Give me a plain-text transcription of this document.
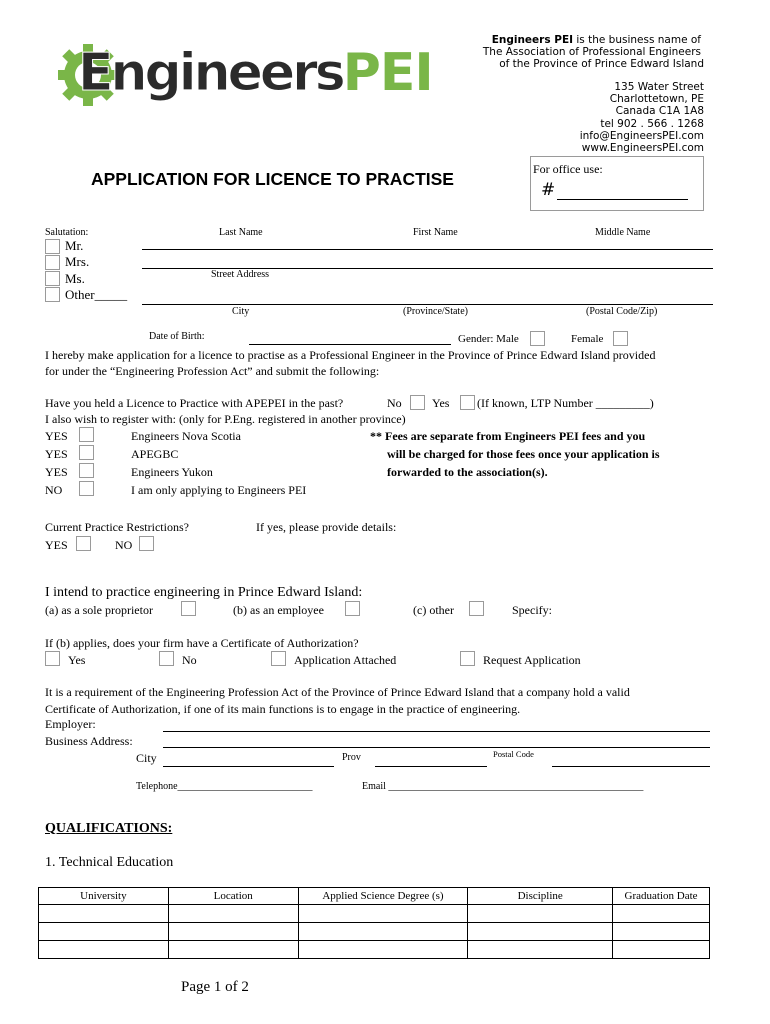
EngineersPEI
Engineers PEI is the business name of
The Association of Professional Engineers
of the Province of Prince Edward Island
135 Water Street
Charlottetown, PE
Canada C1A 1A8
tel 902 . 566 . 1268
info@EngineersPEI.com
www.EngineersPEI.com
For office use:
#
APPLICATION FOR LICENCE TO PRACTISE
Salutation:	Last Name	First Name	Middle Name
Mr.
Mrs.
Ms.
Other_____
Street Address
City	(Province/State)	(Postal Code/Zip)
Date of Birth:	Gender: Male	Female
I hereby make application for a licence to practise as a Professional Engineer in the Province of Prince Edward Island provided
for under the “Engineering Profession Act” and submit the following:
Have you held a Licence to Practice with APEPEI in the past?	No	Yes (If known, LTP Number _________)
I also wish to register with: (only for P.Eng. registered in another province)
YES	Engineers Nova Scotia
YES	APEGBC
YES	Engineers Yukon
NO	I am only applying to Engineers PEI
** Fees are separate from Engineers PEI fees and you
will be charged for those fees once your application is
forwarded to the association(s).
Current Practice Restrictions?	If yes, please provide details:
YES	NO
I intend to practice engineering in Prince Edward Island:
(a) as a sole proprietor	(b) as an employee	(c) other	Specify:
If (b) applies, does your firm have a Certificate of Authorization?
Yes	No	Application Attached	Request Application
It is a requirement of the Engineering Profession Act of the Province of Prince Edward Island that a company hold a valid
Certificate of Authorization, if one of its main functions is to engage in the practice of engineering.
Employer:
Business Address:
City	Prov	Postal Code
Telephone___________________________	Email ___________________________________________________
QUALIFICATIONS:
1. Technical Education
University	Location	Applied Science Degree (s)	Discipline	Graduation Date

Page 1 of 2
